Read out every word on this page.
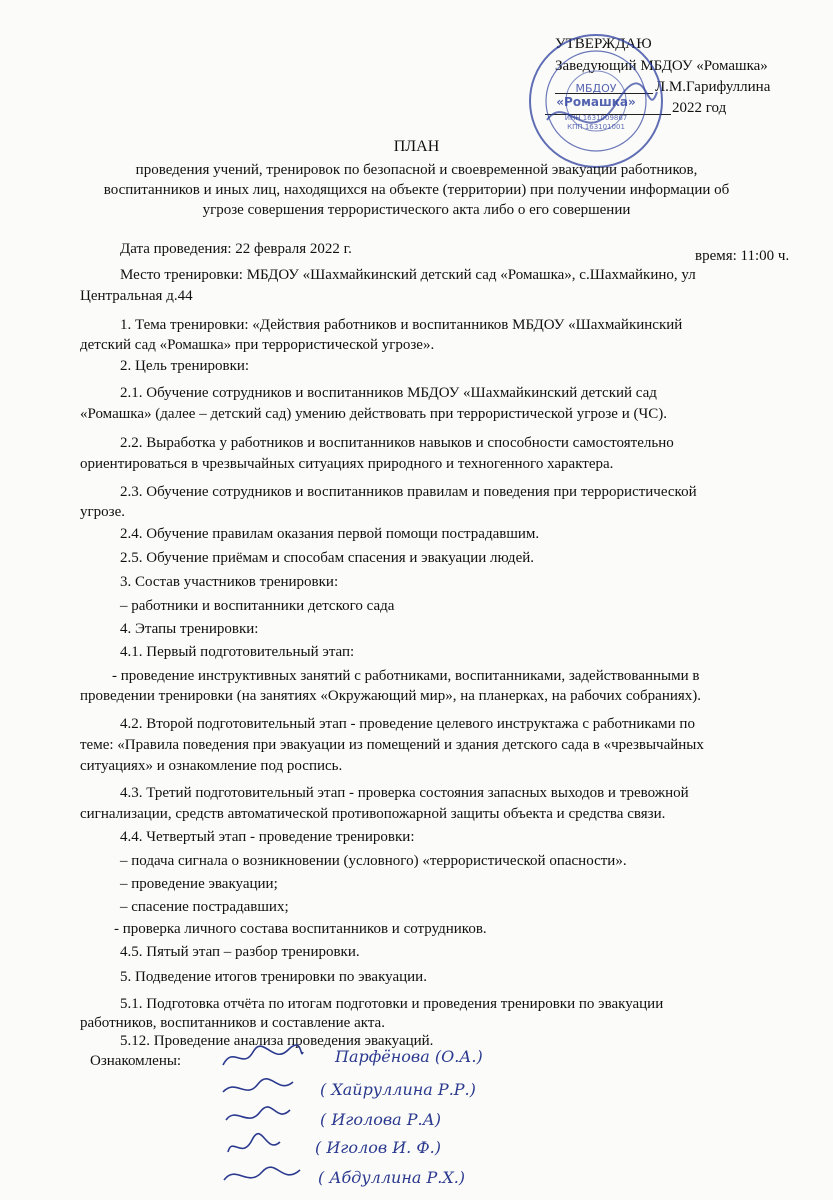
УТВЕРЖДАЮ
Заведующий МБДОУ «Ромашка»
Л.М.Гарифуллина
2022 год
МБДОУ
«Ромашка»
ИНН 1631009867
КПП 163101001
ПЛАН
проведения учений, тренировок по безопасной и своевременной эвакуации работников,
воспитанников и иных лиц, находящихся на объекте (территории) при получении информации об
угрозе совершения террористического акта либо о его совершении
Дата проведения: 22 февраля 2022 г.	время: 11:00 ч.
Место тренировки: МБДОУ «Шахмайкинский детский сад «Ромашка», с.Шахмайкино, ул
Центральная д.44
1. Тема тренировки: «Действия работников и воспитанников МБДОУ «Шахмайкинский
детский сад «Ромашка» при террористической угрозе».
2. Цель тренировки:
2.1. Обучение сотрудников и воспитанников МБДОУ «Шахмайкинский детский сад
«Ромашка» (далее – детский сад) умению действовать при террористической угрозе и (ЧС).
2.2. Выработка у работников и воспитанников навыков и способности самостоятельно
ориентироваться в чрезвычайных ситуациях природного и техногенного характера.
2.3. Обучение сотрудников и воспитанников правилам и поведения при террористической
угрозе.
2.4. Обучение правилам оказания первой помощи пострадавшим.
2.5. Обучение приёмам и способам спасения и эвакуации людей.
3. Состав участников тренировки:
– работники и воспитанники детского сада
4. Этапы тренировки:
4.1. Первый подготовительный этап:
- проведение инструктивных занятий с работниками, воспитанниками, задействованными в
проведении тренировки (на занятиях «Окружающий мир», на планерках, на рабочих собраниях).
4.2. Второй подготовительный этап - проведение целевого инструктажа с работниками по
теме: «Правила поведения при эвакуации из помещений и здания детского сада в «чрезвычайных
ситуациях» и ознакомление под роспись.
4.3. Третий подготовительный этап - проверка состояния запасных выходов и тревожной
сигнализации, средств автоматической противопожарной защиты объекта и средства связи.
4.4. Четвертый этап - проведение тренировки:
– подача сигнала о возникновении (условного) «террористической опасности».
– проведение эвакуации;
– спасение пострадавших;
- проверка личного состава воспитанников и сотрудников.
4.5. Пятый этап – разбор тренировки.
5. Подведение итогов тренировки по эвакуации.
5.1. Подготовка отчёта по итогам подготовки и проведения тренировки по эвакуации
работников, воспитанников и составление акта.
5.12. Проведение анализа проведения эвакуаций.
Ознакомлены:	Парфёнова (О.А.)
( Хайруллина Р.Р.)
( Иголова Р.А)
( Иголов И. Ф.)
( Абдуллина Р.Х.)
